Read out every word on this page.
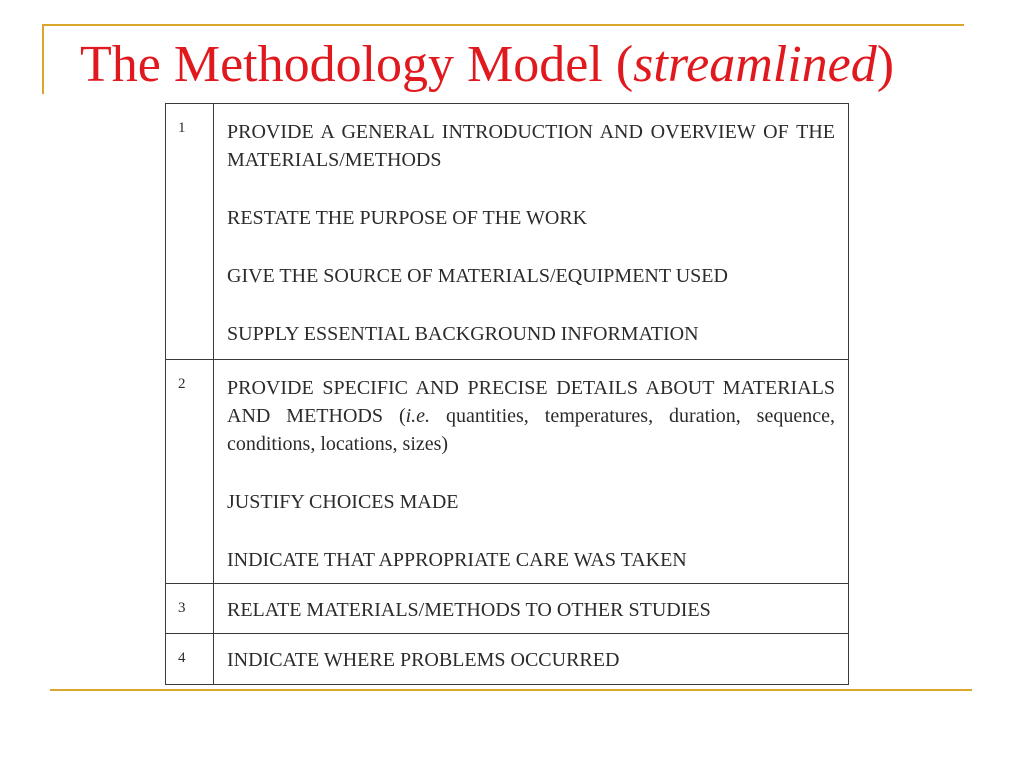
The Methodology Model (streamlined)
1	PROVIDE A GENERAL INTRODUCTION AND OVERVIEW OF THE MATERIALS/METHODS
RESTATE THE PURPOSE OF THE WORK
GIVE THE SOURCE OF MATERIALS/EQUIPMENT USED
SUPPLY ESSENTIAL BACKGROUND INFORMATION

2	PROVIDE SPECIFIC AND PRECISE DETAILS ABOUT MATERIALS AND METHODS (i.e. quantities, temperatures, duration, sequence, conditions, locations, sizes)
JUSTIFY CHOICES MADE
INDICATE THAT APPROPRIATE CARE WAS TAKEN

3	RELATE MATERIALS/METHODS TO OTHER STUDIES

4	INDICATE WHERE PROBLEMS OCCURRED
